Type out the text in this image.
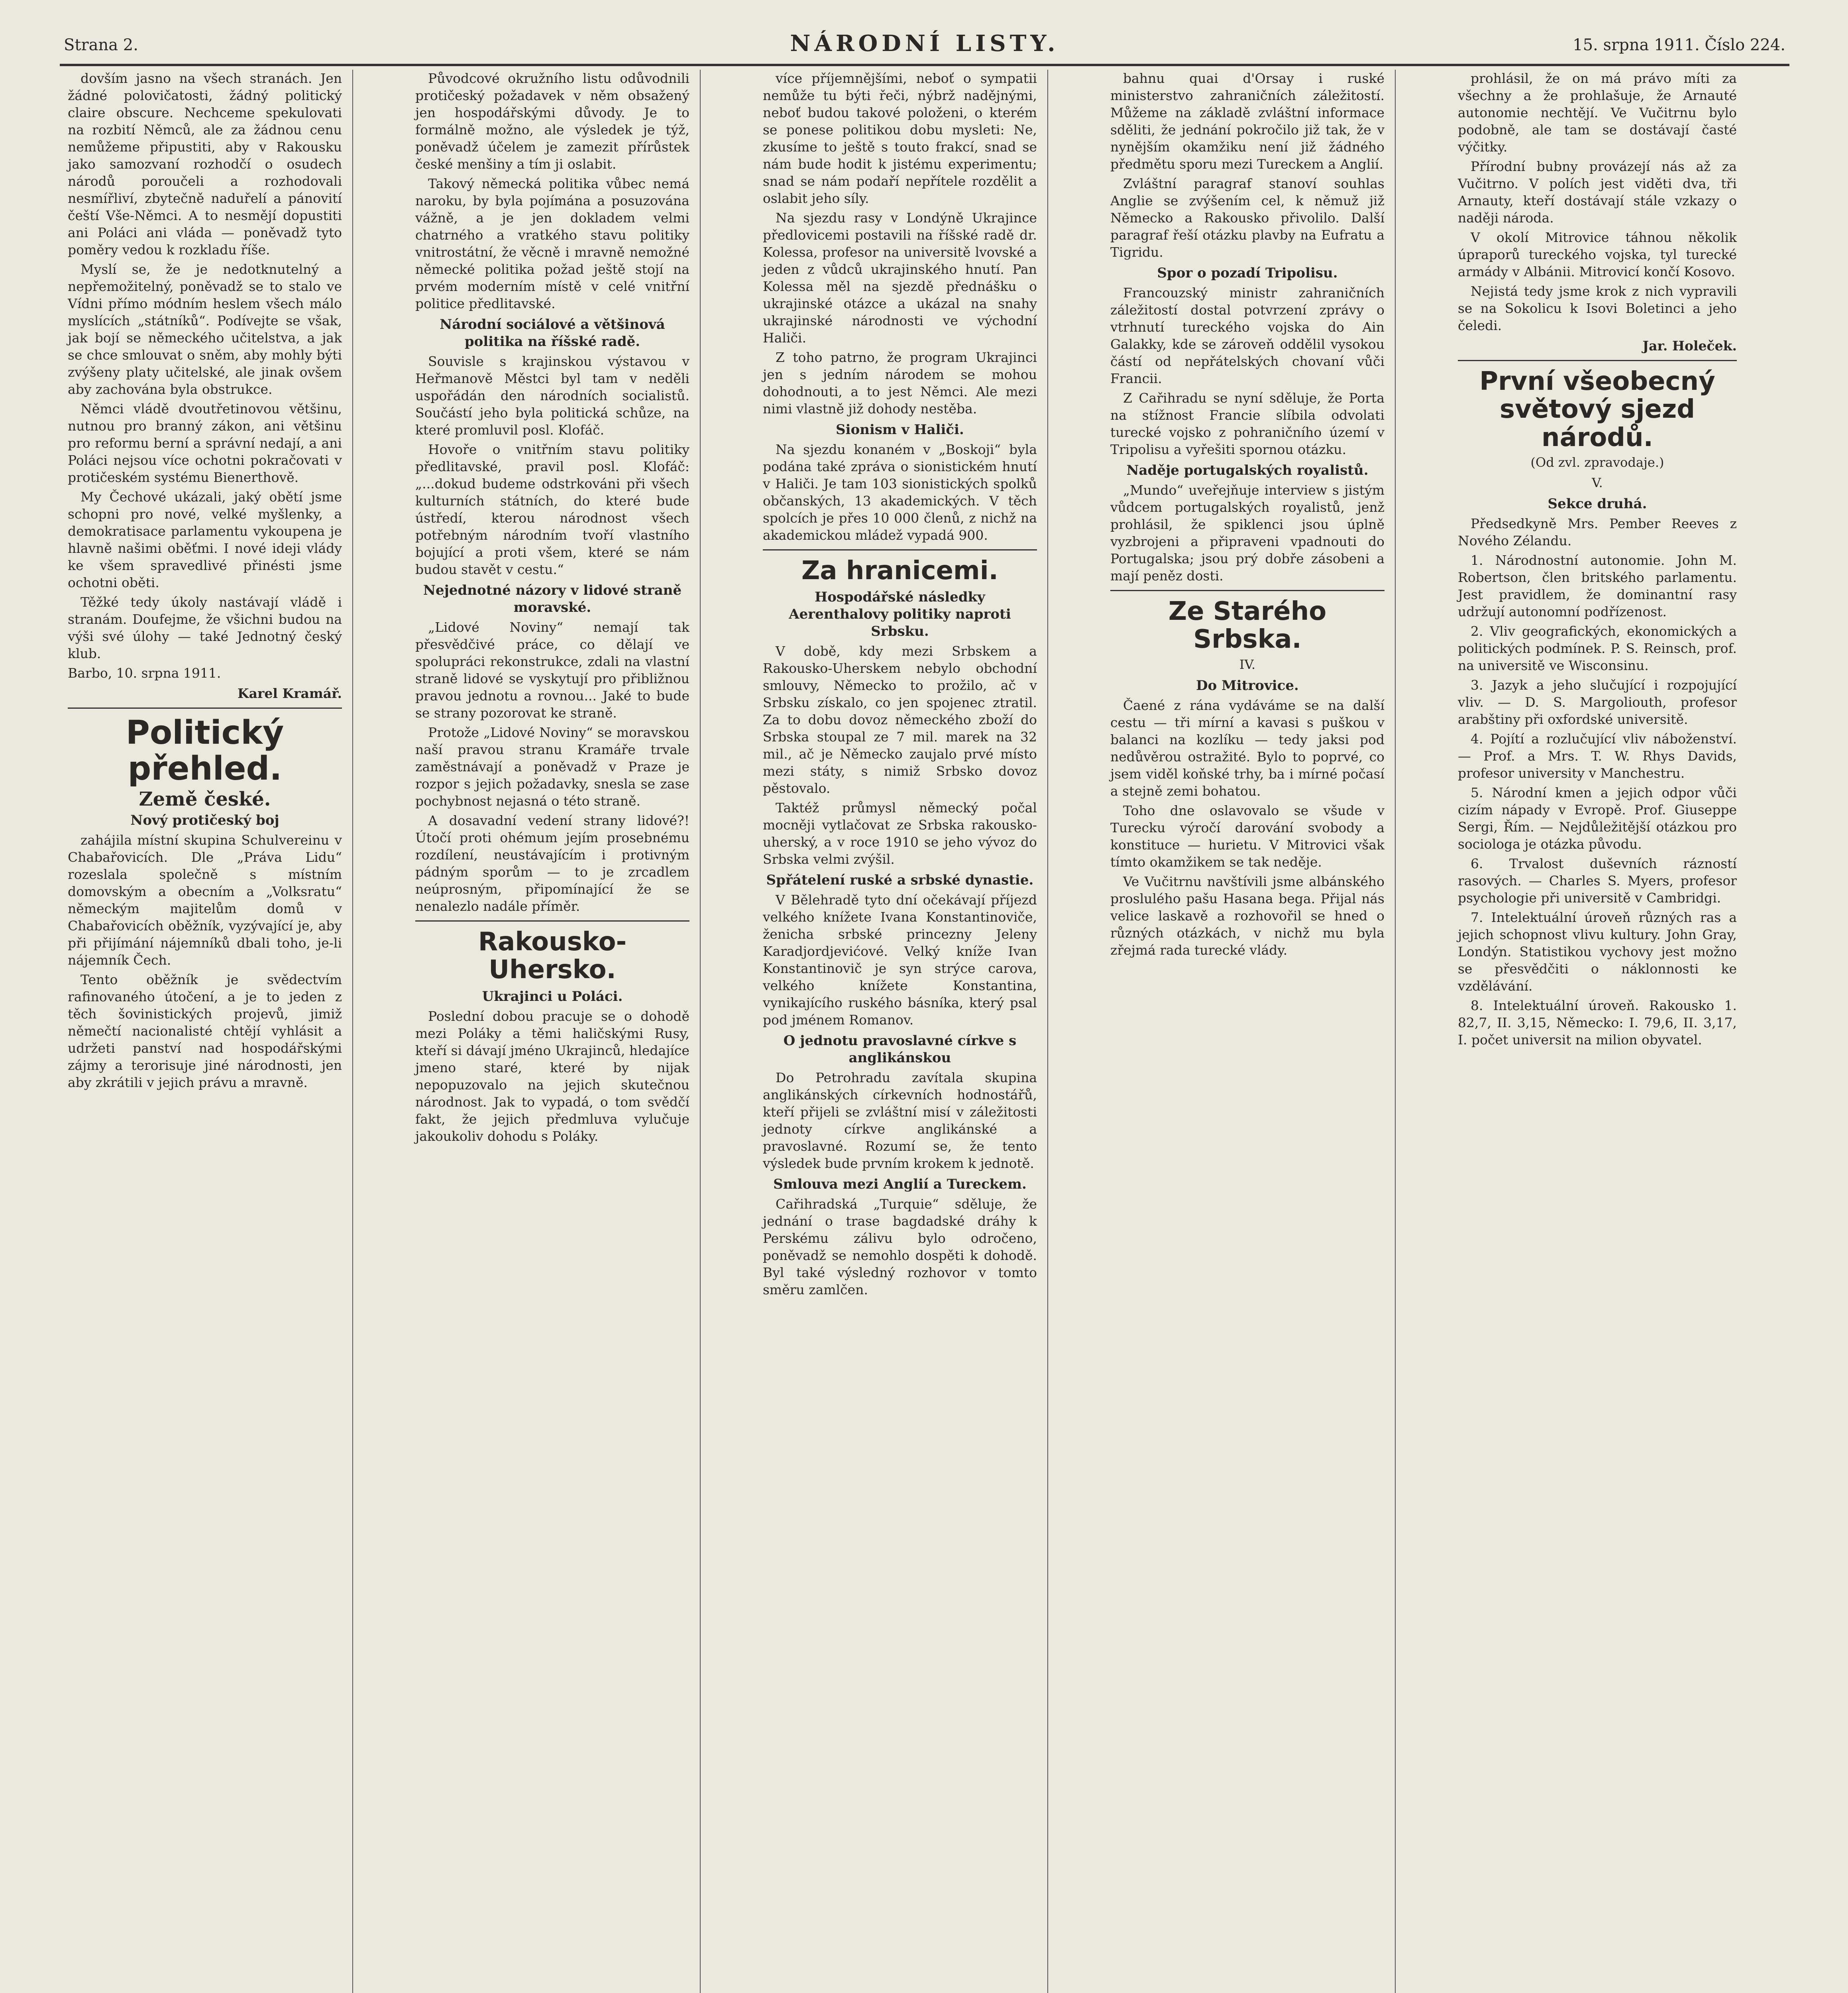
Strana 2.	NÁRODNÍ LISTY.	15. srpna 1911. Číslo 224.

dovším jasno na všech stranách. Jen žádné polovičatosti, žádný politický claire obscure. Nechceme spekulovati na rozbití Němců, ale za žádnou cenu nemůžeme připustiti, aby v Rakousku jako samozvaní rozhodčí o osudech národů poroučeli a rozhodovali nesmířliví, zbytečně naduřelí a pánovití čeští Vše-Němci. A to nesmějí dopustiti ani Poláci ani vláda — poněvadž tyto poměry vedou k rozkladu říše.

Myslí se, že je nedotknutelný a nepřemožitelný, poněvadž se to stalo ve Vídni přímo módním heslem všech málo myslících „státníků“. Podívejte se však, jak bojí se německého učitelstva, a jak se chce smlouvat o sněm, aby mohly býti zvýšeny platy učitelské, ale jinak ovšem aby zachována byla obstrukce.

Němci vládě dvoutřetinovou většinu, nutnou pro branný zákon, ani většinu pro reformu berní a správní nedají, a ani Poláci nejsou více ochotni pokračovati v protičeském systému Bienerthově.

My Čechové ukázali, jaký obětí jsme schopni pro nové, velké myšlenky, a demokratisace parlamentu vykoupena je hlavně našimi oběťmi. I nové ideji vlády ke všem spravedlivé přinésti jsme ochotni oběti.

Těžké tedy úkoly nastávají vládě i stranám. Doufejme, že všichni budou na výši své úlohy — také Jednotný český klub.

Barbo, 10. srpna 1911.
Karel Kramář.
Politický přehled.
Země české.
Nový protičeský boj

zahájila místní skupina Schulvereinu v Chabařovicích. Dle „Práva Lidu“ rozeslala společně s místním domovským a obecním a „Volksratu“ německým majitelům domů v Chabařovicích oběžník, vyzývající je, aby při přijímání nájemníků dbali toho, je-li nájemník Čech.

Tento oběžník je svědectvím rafinovaného útočení, a je to jeden z těch šovinistických projevů, jimiž němečtí nacionalisté chtějí vyhlásit a udržeti panství nad hospodářskými zájmy a terorisuje jiné národnosti, jen aby zkrátili v jejich právu a mravně.

Původcové okružního listu odůvodnili protičeský požadavek v něm obsažený jen hospodářskými důvody. Je to formálně možno, ale výsledek je týž, poněvadž účelem je zamezit přírůstek české menšiny a tím ji oslabit.

Takový německá politika vůbec nemá naroku, by byla pojímána a posuzována vážně, a je jen dokladem velmi chatrného a vratkého stavu politiky vnitrostátní, že věcně i mravně nemožné německé politika požad ještě stojí na prvém moderním místě v celé vnitřní politice předlitavské.

Národní sociálové a většinová politika na říšské radě.

Souvisle s krajinskou výstavou v Heřmanově Městci byl tam v neděli uspořádán den národních socialistů. Součástí jeho byla politická schůze, na které promluvil posl. Klofáč.

Hovoře o vnitřním stavu politiky předlitavské, pravil posl. Klofáč: „...dokud budeme odstrkováni při všech kulturních státních, do které bude ústředí, kterou národnost všech potřebným národním tvoří vlastního bojující a proti všem, které se nám budou stavět v cestu.“

Nejednotné názory v lidové straně moravské.

„Lidové Noviny“ nemají tak přesvědčivé práce, co dělají ve spolupráci rekonstrukce, zdali na vlastní straně lidové se vyskytují pro přibližnou pravou jednotu a rovnou... Jaké to bude se strany pozorovat ke straně.

Protože „Lidové Noviny“ se moravskou naší pravou stranu Kramáře trvale zaměstnávají a poněvadž v Praze je rozpor s jejich požadavky, snesla se zase pochybnost nejasná o této straně.

A dosavadní vedení strany lidové?! Útočí proti ohémum jejím prosebnému rozdílení, neustávajícím i protivným pádným sporům — to je zrcadlem neúprosným, připomínající že se nenalezlo nadále příměr.

Rakousko-Uhersko.
Ukrajinci u Poláci.

Poslední dobou pracuje se o dohodě mezi Poláky a těmi haličskými Rusy, kteří si dávají jméno Ukrajinců, hledajíce jmeno staré, které by nijak nepopuzovalo na jejich skutečnou národnost. Jak to vypadá, o tom svědčí fakt, že jejich předmluva vylučuje jakoukoliv dohodu s Poláky.

více příjemnějšími, neboť o sympatii nemůže tu býti řeči, nýbrž nadějnými, neboť budou takové položeni, o kterém se ponese politikou dobu mysleti: Ne, zkusíme to ještě s touto frakcí, snad se nám bude hodit k jistému experimentu; snad se nám podaří nepřítele rozdělit a oslabit jeho síly.

Na sjezdu rasy v Londýně Ukrajince předlovicemi postavili na říšské radě dr. Kolessa, profesor na universitě lvovské a jeden z vůdců ukrajinského hnutí. Pan Kolessa měl na sjezdě přednášku o ukrajinské otázce a ukázal na snahy ukrajinské národnosti ve východní Haliči.

Z toho patrno, že program Ukrajinci jen s jedním národem se mohou dohodnouti, a to jest Němci. Ale mezi nimi vlastně již dohody nestěba.

Sionism v Haliči.

Na sjezdu konaném v „Boskoji“ byla podána také zpráva o sionistickém hnutí v Haliči. Je tam 103 sionistických spolků občanských, 13 akademických. V těch spolcích je přes 10 000 členů, z nichž na akademickou mládež vypadá 900.

Za hranicemi.
Hospodářské následky Aerenthalovy politiky naproti Srbsku.

V době, kdy mezi Srbskem a Rakousko-Uherskem nebylo obchodní smlouvy, Německo to prožilo, ač v Srbsku získalo, co jen spojenec ztratil. Za to dobu dovoz německého zboží do Srbska stoupal ze 7 mil. marek na 32 mil., ač je Německo zaujalo prvé místo mezi státy, s nimiž Srbsko dovoz pěstovalo.

Taktéž průmysl německý počal mocněji vytlačovat ze Srbska rakousko-uherský, a v roce 1910 se jeho vývoz do Srbska velmi zvýšil.

Spřátelení ruské a srbské dynastie.

V Bělehradě tyto dní očekávají příjezd velkého knížete Ivana Konstantinoviče, ženicha srbské princezny Jeleny Karadjordjevićové. Velký kníže Ivan Konstantinovič je syn strýce carova, velkého knížete Konstantina, vynikajícího ruského básníka, který psal pod jménem Romanov.

O jednotu pravoslavné církve s anglikánskou

Do Petrohradu zavítala skupina anglikánských církevních hodnostářů, kteří přijeli se zvláštní misí v záležitosti jednoty církve anglikánské a pravoslavné. Rozumí se, že tento výsledek bude prvním krokem k jednotě.

Smlouva mezi Anglií a Tureckem.

Cařihradská „Turquie“ sděluje, že jednání o trase bagdadské dráhy k Perskému zálivu bylo odročeno, poněvadž se nemohlo dospěti k dohodě. Byl také výsledný rozhovor v tomto směru zamlčen.

bahnu quai d'Orsay i ruské ministerstvo zahraničních záležitostí. Můžeme na základě zvláštní informace sděliti, že jednání pokročilo již tak, že v nynějším okamžiku není již žádného předmětu sporu mezi Tureckem a Anglií.

Zvláštní paragraf stanoví souhlas Anglie se zvýšením cel, k němuž již Německo a Rakousko přivolilo. Další paragraf řeší otázku plavby na Eufratu a Tigridu.

Spor o pozadí Tripolisu.

Francouzský ministr zahraničních záležitostí dostal potvrzení zprávy o vtrhnutí tureckého vojska do Ain Galakky, kde se zároveň oddělil vysokou částí od nepřátelských chovaní vůči Francii.

Z Cařihradu se nyní sděluje, že Porta na stížnost Francie slíbila odvolati turecké vojsko z pohraničního území v Tripolisu a vyřešiti spornou otázku.

Naděje portugalských royalistů.

„Mundo“ uveřejňuje interview s jistým vůdcem portugalských royalistů, jenž prohlásil, že spiklenci jsou úplně vyzbrojeni a připraveni vpadnouti do Portugalska; jsou prý dobře zásobeni a mají peněz dosti.

Ze Starého Srbska.
IV.
Do Mitrovice.

Čaené z rána vydáváme se na další cestu — tři mírní a kavasi s puškou v balanci na kozlíku — tedy jaksi pod nedůvěrou ostražité. Bylo to poprvé, co jsem viděl koňské trhy, ba i mírné počasí a stejně zemi bohatou.

Toho dne oslavovalo se všude v Turecku výročí darování svobody a konstituce — hurietu. V Mitrovici však tímto okamžikem se tak neděje.

Ve Vučitrnu navštívili jsme albánského proslulého pašu Hasana bega. Přijal nás velice laskavě a rozhovořil se hned o různých otázkách, v nichž mu byla zřejmá rada turecké vlády.

prohlásil, že on má právo míti za všechny a že prohlašuje, že Arnauté autonomie nechtějí. Ve Vučitrnu bylo podobně, ale tam se dostávají časté výčitky.

Přírodní bubny provázejí nás až za Vučitrno. V polích jest viděti dva, tři Arnauty, kteří dostávají stále vzkazy o naději národa.

V okolí Mitrovice táhnou několik úpraporů tureckého vojska, tyl turecké armády v Albánii. Mitrovicí končí Kosovo.

Nejistá tedy jsme krok z nich vypravili se na Sokolicu k Isovi Boletinci a jeho čeledi.

Jar. Holeček.
První všeobecný světový sjezd národů.
(Od zvl. zpravodaje.)
V.
Sekce druhá.

Předsedkyně Mrs. Pember Reeves z Nového Zélandu.

1. Národnostní autonomie. John M. Robertson, člen britského parlamentu. Jest pravidlem, že dominantní rasy udržují autonomní podřízenost.

2. Vliv geografických, ekonomických a politických podmínek. P. S. Reinsch, prof. na universitě ve Wisconsinu.

3. Jazyk a jeho slučující i rozpojující vliv. — D. S. Margoliouth, profesor arabštiny při oxfordské universitě.

4. Pojítí a rozlučující vliv náboženství. — Prof. a Mrs. T. W. Rhys Davids, profesor university v Manchestru.

5. Národní kmen a jejich odpor vůči cizím nápady v Evropě. Prof. Giuseppe Sergi, Řím. — Nejdůležitější otázkou pro sociologa je otázka původu.

6. Trvalost duševních rázností rasových. — Charles S. Myers, profesor psychologie při universitě v Cambridgi.

7. Intelektuální úroveň různých ras a jejich schopnost vlivu kultury. John Gray, Londýn. Statistikou vychovy jest možno se přesvědčiti o náklonnosti ke vzdělávání.

8. Intelektuální úroveň. Rakousko 1. 82,7, II. 3,15, Německo: I. 79,6, II. 3,17, I. počet universit na milion obyvatel.
